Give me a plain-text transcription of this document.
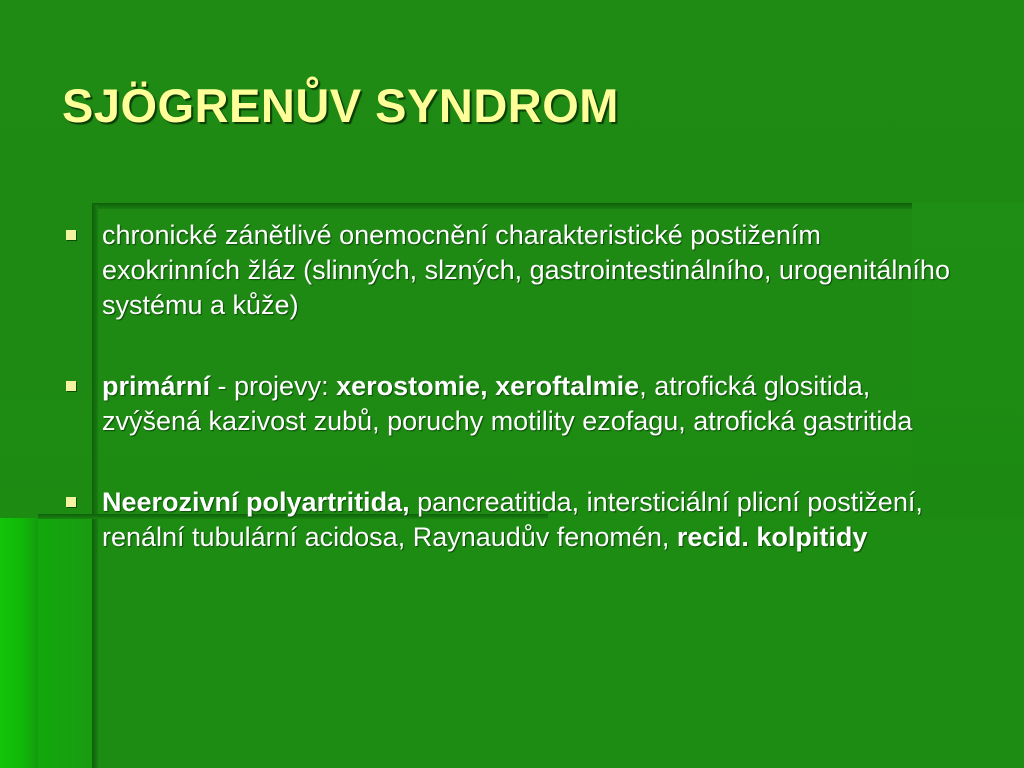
SJÖGRENŮV SYNDROM
chronické zánětlivé onemocnění charakteristické postižením exokrinních žláz (slinných, slzných, gastrointestinálního, urogenitálního systému a kůže)
primární - projevy: xerostomie, xeroftalmie, atrofická glositida, zvýšená kazivost zubů, poruchy motility ezofagu, atrofická gastritida
Neerozivní polyartritida, pancreatitida, intersticiální plicní postižení, renální tubulární acidosa, Raynaudův fenomén, recid. kolpitidy
